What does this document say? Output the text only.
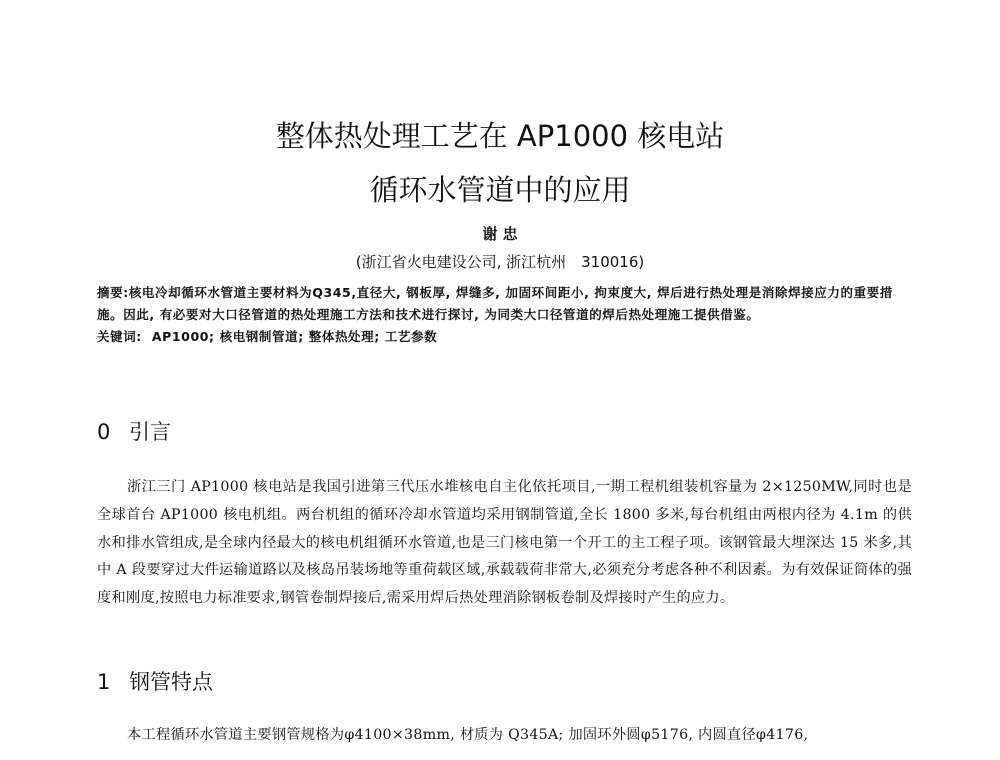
整体热处理工艺在 AP1000 核电站
循环水管道中的应用
谢 忠
(浙江省火电建设公司, 浙江杭州　310016)

摘要:核电冷却循环水管道主要材料为Q345,直径大, 钢板厚, 焊缝多, 加固环间距小, 拘束度大, 焊后进行热处理是消除焊接应力的重要措施。因此, 有必要对大口径管道的热处理施工方法和技术进行探讨, 为同类大口径管道的焊后热处理施工提供借鉴。

关键词: AP1000; 核电钢制管道; 整体热处理; 工艺参数

0 引言

浙江三门 AP1000 核电站是我国引进第三代压水堆核电自主化依托项目,一期工程机组装机容量为 2×1250MW,同时也是全球首台 AP1000 核电机组。两台机组的循环冷却水管道均采用钢制管道,全长 1800 多米,每台机组由两根内径为 4.1m 的供水和排水管组成,是全球内径最大的核电机组循环水管道,也是三门核电第一个开工的主工程子项。该钢管最大埋深达 15 米多,其中 A 段要穿过大件运输道路以及核岛吊装场地等重荷载区域,承载载荷非常大,必须充分考虑各种不利因素。为有效保证筒体的强度和刚度,按照电力标准要求,钢管卷制焊接后,需采用焊后热处理消除钢板卷制及焊接时产生的应力。

1 钢管特点

本工程循环水管道主要钢管规格为φ4100×38mm, 材质为 Q345A; 加固环外圆φ5176, 内圆直径φ4176,
